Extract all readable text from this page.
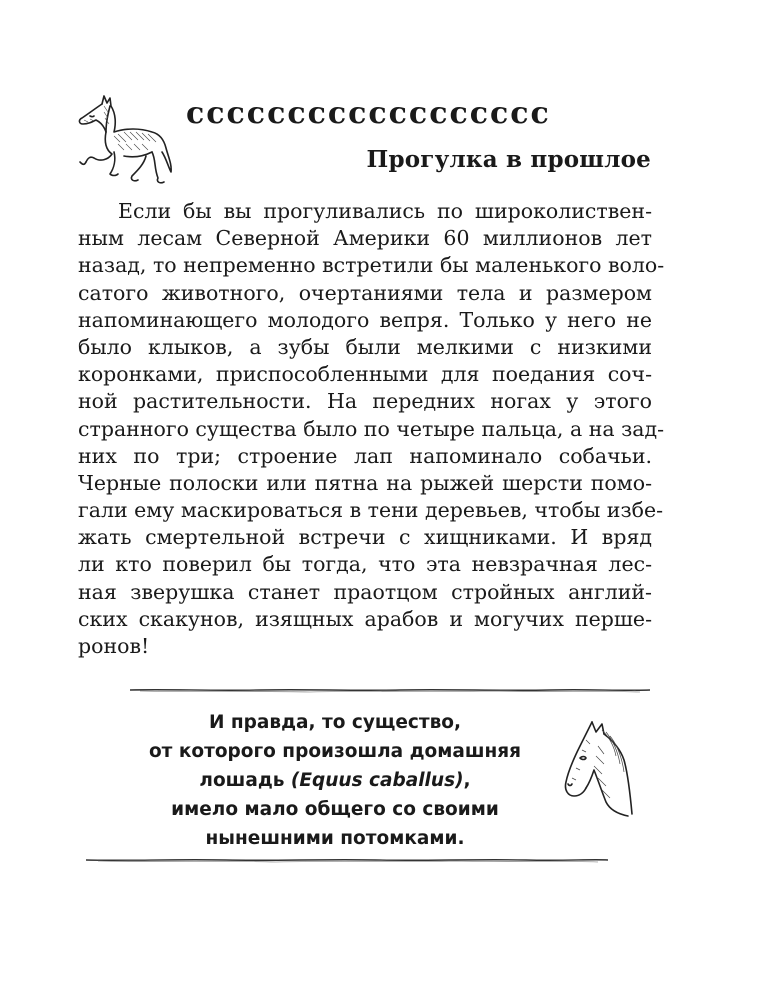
cccccccccccccccccc
Прогулка в прошлое
Если бы вы прогуливались по широколиствен-
ным лесам Северной Америки 60 миллионов лет
назад, то непременно встретили бы маленького воло-
сатого животного, очертаниями тела и размером
напоминающего молодого вепря. Только у него не
было клыков, а зубы были мелкими с низкими
коронками, приспособленными для поедания соч-
ной растительности. На передних ногах у этого
странного существа было по четыре пальца, а на зад-
них по три; строение лап напоминало собачьи.
Черные полоски или пятна на рыжей шерсти помо-
гали ему маскироваться в тени деревьев, чтобы избе-
жать смертельной встречи с хищниками. И вряд
ли кто поверил бы тогда, что эта невзрачная лес-
ная зверушка станет праотцом стройных англий-
ских скакунов, изящных арабов и могучих перше-
ронов!
И правда, то существо,
от которого произошла домашняя
лошадь (Equus caballus),
имело мало общего со своими
нынешними потомками.
